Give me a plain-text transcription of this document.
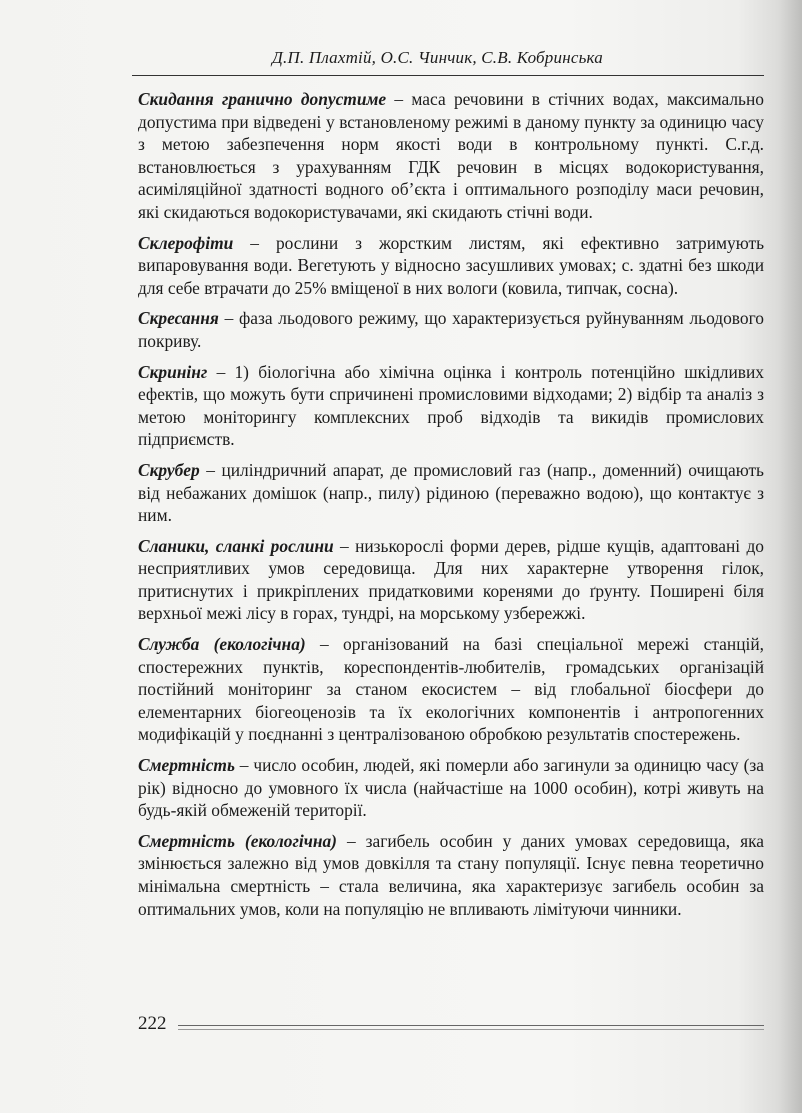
Д.П. Плахтій, О.С. Чинчик, С.В. Кобринська

Скидання гранично допустиме – маса речовини в стічних водах, максимально допустима при відведені у встановленому режимі в даному пункту за одиницю часу з метою забезпечення норм якості води в контрольному пункті. С.г.д. встановлюється з урахуванням ГДК речовин в місцях водокористування, асиміляційної здатності водного об’єкта і оптимального розподілу маси речовин, які скидаються водокористувачами, які скидають стічні води.

Склерофіти – рослини з жорстким листям, які ефективно затримують випаровування води. Вегетують у відносно засушливих умовах; с. здатні без шкоди для себе втрачати до 25% вміщеної в них вологи (ковила, типчак, сосна).

Скресання – фаза льодового режиму, що характеризується руйнуванням льодового покриву.

Скринінг – 1) біологічна або хімічна оцінка і контроль потенційно шкідливих ефектів, що можуть бути спричинені промисловими відходами; 2) відбір та аналіз з метою моніторингу комплексних проб відходів та викидів промислових підприємств.

Скрубер – циліндричний апарат, де промисловий газ (напр., доменний) очищають від небажаних домішок (напр., пилу) рідиною (переважно водою), що контактує з ним.

Сланики, сланкі рослини – низькорослі форми дерев, рідше кущів, адаптовані до несприятливих умов середовища. Для них характерне утворення гілок, притиснутих і прикріплених придатковими коренями до ґрунту. Поширені біля верхньої межі лісу в горах, тундрі, на морському узбережжі.

Служба (екологічна) – організований на базі спеціальної мережі станцій, спостережних пунктів, кореспондентів-любителів, громадських організацій постійний моніторинг за станом екосистем – від глобальної біосфери до елементарних біогеоценозів та їх екологічних компонентів і антропогенних модифікацій у поєднанні з централізованою обробкою результатів спостережень.

Смертність – число особин, людей, які померли або загинули за одиницю часу (за рік) відносно до умовного їх числа (найчастіше на 1000 особин), котрі живуть на будь-якій обмеженій території.

Смертність (екологічна) – загибель особин у даних умовах середовища, яка змінюється залежно від умов довкілля та стану популяції. Існує певна теоретично мінімальна смертність – стала величина, яка характеризує загибель особин за оптимальних умов, коли на популяцію не впливають лімітуючи чинники.

222
